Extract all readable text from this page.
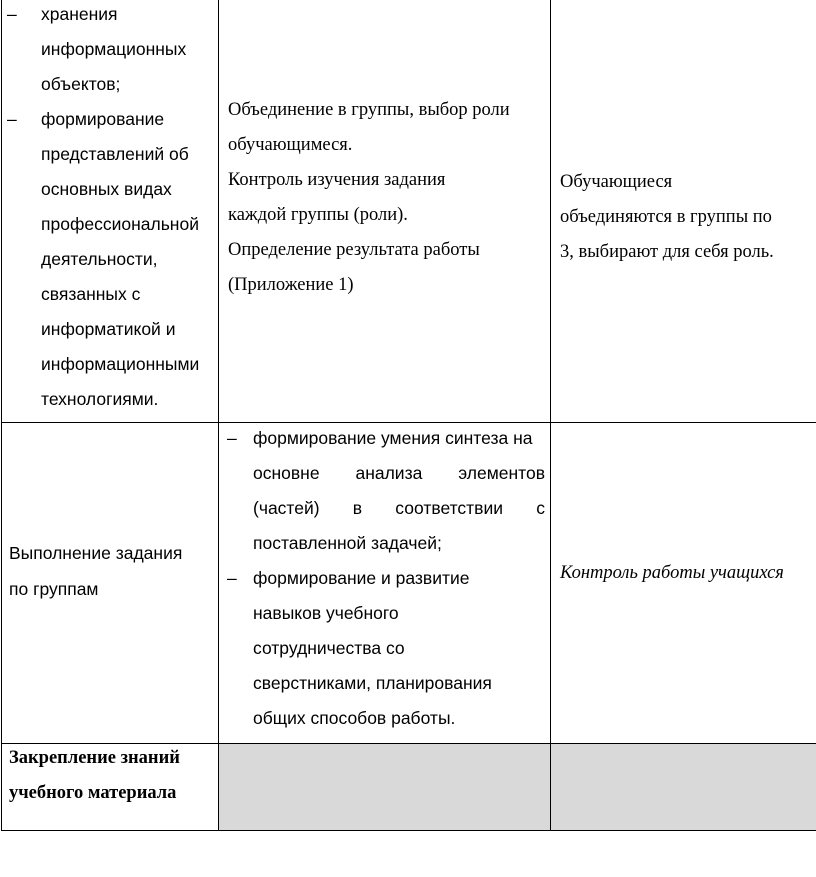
– хранения
информационных
объектов;
– формирование
представлений об
основных видах
профессиональной
деятельности,
связанных с
информатикой и
информационными
технологиями.
Объединение в группы, выбор роли
обучающимеся.
Контроль изучения задания
каждой группы (роли).
Определение результата работы
(Приложение 1)
Обучающиеся
объединяются в группы по
3, выбирают для себя роль.
Выполнение задания
по группам
– формирование умения синтеза на
основне анализа элементов
(частей) в соответствии с
поставленной задачей;
– формирование и развитие
навыков учебного
сотрудничества со
сверстниками, планирования
общих способов работы.
Контроль работы учащихся
Закрепление знаний
учебного материала
